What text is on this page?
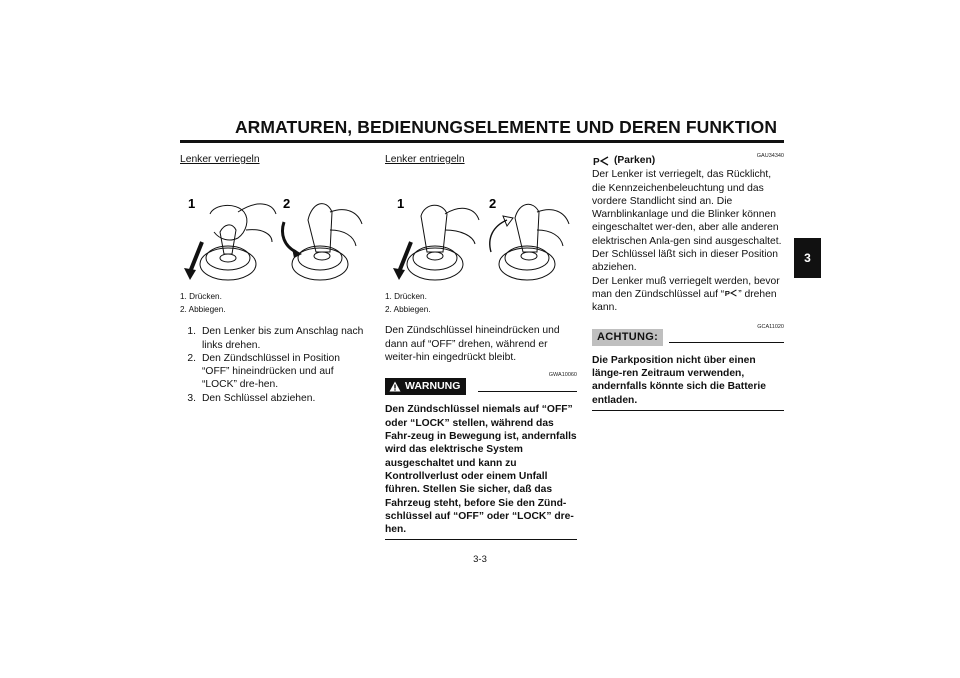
ARMATUREN, BEDIENUNGSELEMENTE UND DEREN FUNKTION
Lenker verriegeln
1	2
1. Drücken.
2. Abbiegen.
1. Den Lenker bis zum Anschlag nach links drehen.
2. Den Zündschlüssel in Position “OFF” hineindrücken und auf “LOCK” dre-hen.
3. Den Schlüssel abziehen.
Lenker entriegeln
1	2
1. Drücken.
2. Abbiegen.
Den Zündschlüssel hineindrücken und dann auf “OFF” drehen, während er weiter-hin eingedrückt bleibt.
GWA10060
WARNUNG
Den Zündschlüssel niemals auf “OFF” oder “LOCK” stellen, während das Fahr-zeug in Bewegung ist, andernfalls wird das elektrische System ausgeschaltet und kann zu Kontrollverlust oder einem Unfall führen. Stellen Sie sicher, daß das Fahrzeug steht, before Sie den Zünd-schlüssel auf “OFF” oder “LOCK” dre-hen.
GAU34340
P (Parken)
Der Lenker ist verriegelt, das Rücklicht, die Kennzeichenbeleuchtung und das vordere Standlicht sind an. Die Warnblinkanlage und die Blinker können eingeschaltet wer-den, aber alle anderen elektrischen Anla-gen sind ausgeschaltet. Der Schlüssel läßt sich in dieser Position abziehen.
Der Lenker muß verriegelt werden, bevor man den Zündschlüssel auf “ P ” drehen kann.
GCA11020
ACHTUNG:
Die Parkposition nicht über einen länge-ren Zeitraum verwenden, andernfalls könnte sich die Batterie entladen.
3
3-3
